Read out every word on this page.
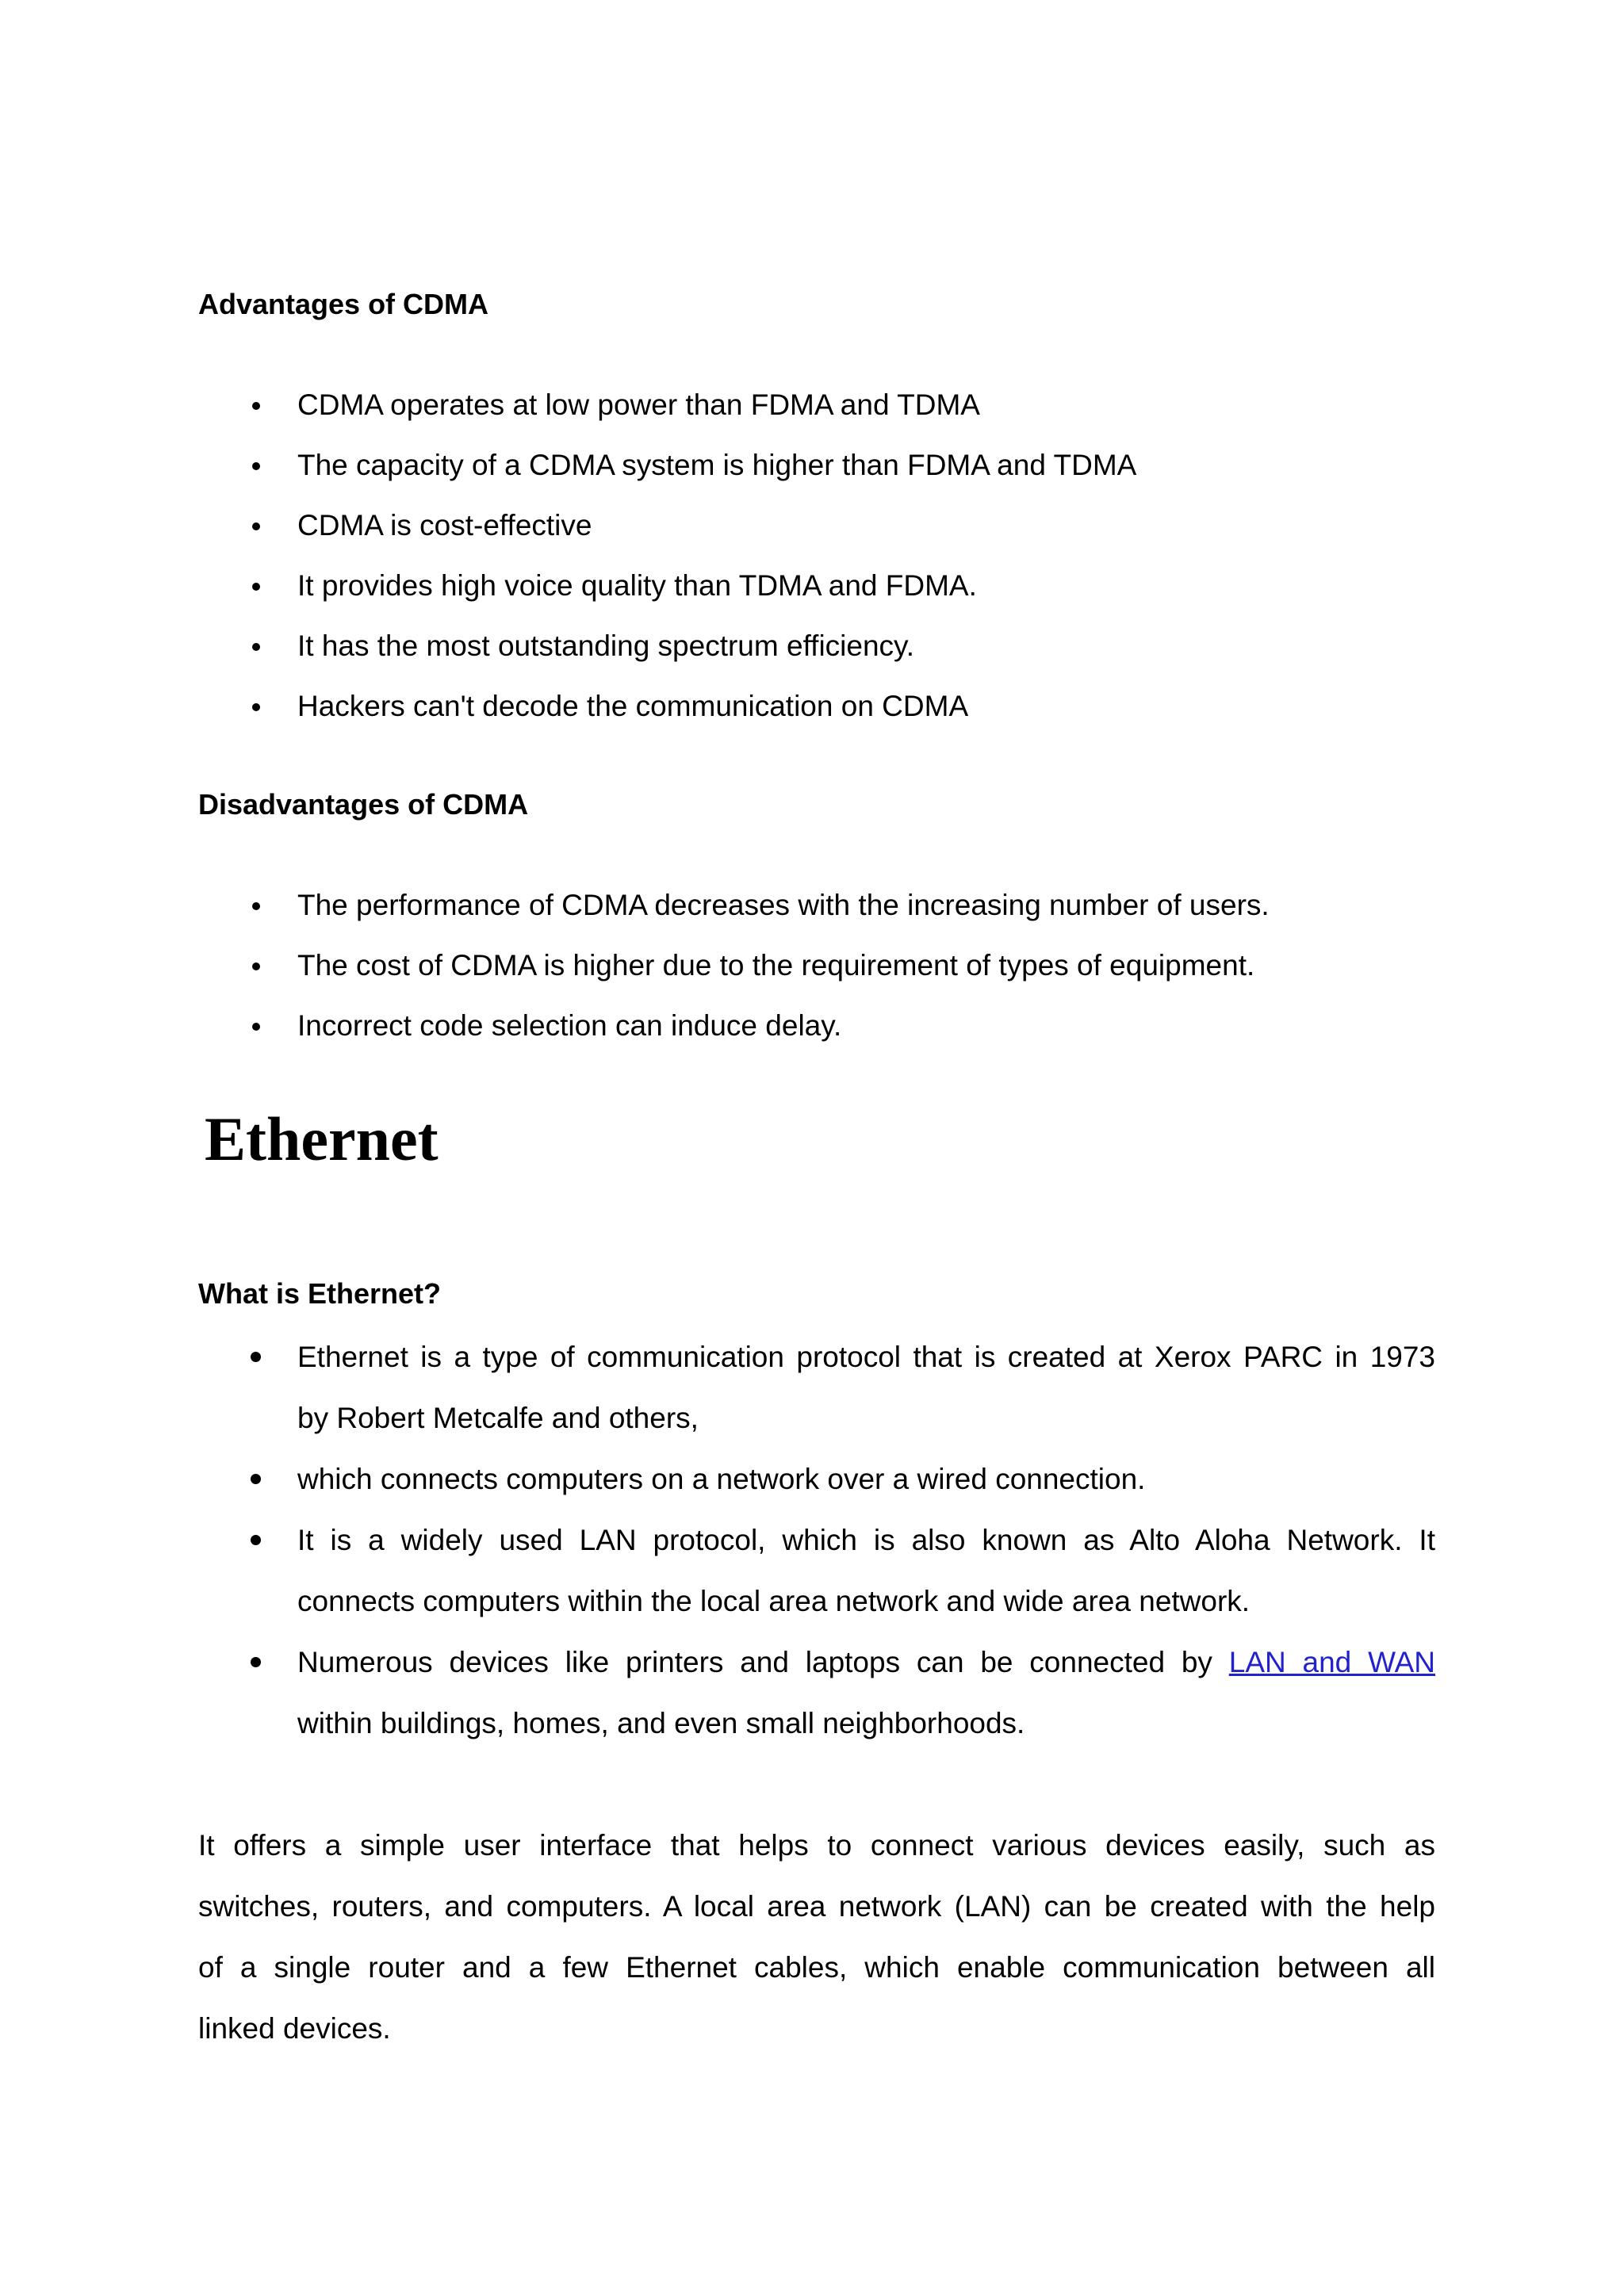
Advantages of CDMA
CDMA operates at low power than FDMA and TDMA
The capacity of a CDMA system is higher than FDMA and TDMA
CDMA is cost-effective
It provides high voice quality than TDMA and FDMA.
It has the most outstanding spectrum efficiency.
Hackers can't decode the communication on CDMA
Disadvantages of CDMA
The performance of CDMA decreases with the increasing number of users.
The cost of CDMA is higher due to the requirement of types of equipment.
Incorrect code selection can induce delay.
Ethernet
What is Ethernet?
Ethernet is a type of communication protocol that is created at Xerox PARC in 1973
by Robert Metcalfe and others,
which connects computers on a network over a wired connection.
It is a widely used LAN protocol, which is also known as Alto Aloha Network. It
connects computers within the local area network and wide area network.
Numerous devices like printers and laptops can be connected by LAN and WAN
within buildings, homes, and even small neighborhoods.

It offers a simple user interface that helps to connect various devices easily, such as
switches, routers, and computers. A local area network (LAN) can be created with the help
of a single router and a few Ethernet cables, which enable communication between all
linked devices.
